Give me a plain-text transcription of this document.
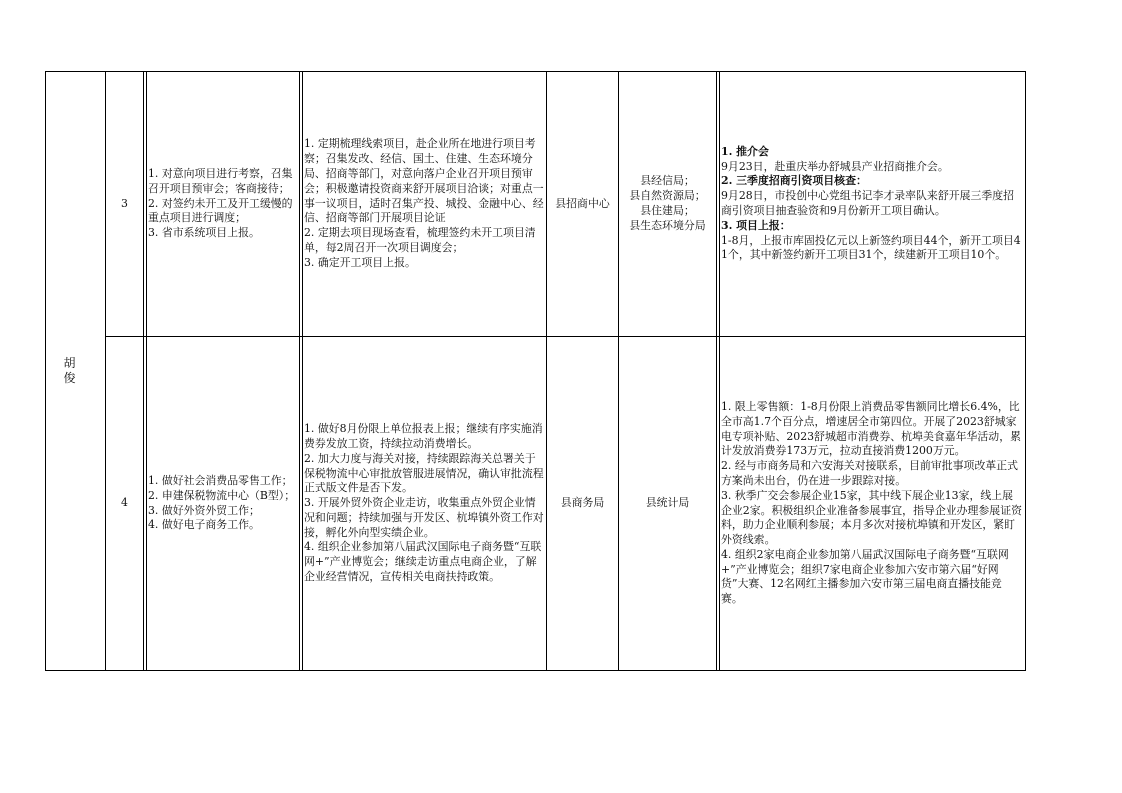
胡 俊
3
1. 对意向项目进行考察，召集召开项目预审会；客商接待；
2. 对签约未开工及开工缓慢的重点项目进行调度；
3. 省市系统项目上报。
1. 定期梳理线索项目，赴企业所在地进行项目考察；召集发改、经信、国土、住建、生态环境分局、招商等部门，对意向落户企业召开项目预审会；积极邀请投资商来舒开展项目洽谈；对重点一事一议项目，适时召集产投、城投、金融中心、经信、招商等部门开展项目论证
2. 定期去项目现场查看，梳理签约未开工项目清单，每2周召开一次项目调度会；
3. 确定开工项目上报。
县招商中心
县经信局；
县自然资源局；
县住建局；
县生态环境分局
1. 推介会
9月23日，赴重庆举办舒城县产业招商推介会。
2. 三季度招商引资项目核查：
9月28日，市投创中心党组书记李才录率队来舒开展三季度招商引资项目抽查验资和9月份新开工项目确认。
3. 项目上报：
1-8月，上报市库固投亿元以上新签约项目44个，新开工项目41个，其中新签约新开工项目31个，续建新开工项目10个。
4
1. 做好社会消费品零售工作；
2. 申建保税物流中心（B型）；
3. 做好外资外贸工作；
4. 做好电子商务工作。
1. 做好8月份限上单位报表上报；继续有序实施消费券发放工资，持续拉动消费增长。
2. 加大力度与海关对接，持续跟踪海关总署关于保税物流中心审批放管服进展情况，确认审批流程正式版文件是否下发。
3. 开展外贸外资企业走访，收集重点外贸企业情况和问题；持续加强与开发区、杭埠镇外资工作对接，孵化外向型实绩企业。
4. 组织企业参加第八届武汉国际电子商务暨“互联网+”产业博览会；继续走访重点电商企业，了解企业经营情况，宣传相关电商扶持政策。
县商务局	县统计局
1. 限上零售额：1-8月份限上消费品零售额同比增长6.4%，比全市高1.7个百分点，增速居全市第四位。开展了2023舒城家电专项补贴、2023舒城超市消费券、杭埠美食嘉年华活动，累计发放消费券173万元，拉动直接消费1200万元。
2. 经与市商务局和六安海关对接联系，目前审批事项改革正式方案尚未出台，仍在进一步跟踪对接。
3. 秋季广交会参展企业15家，其中线下展企业13家，线上展企业2家。积极组织企业准备参展事宜，指导企业办理参展证资料，助力企业顺利参展；本月多次对接杭埠镇和开发区，紧盯外资线索。
4. 组织2家电商企业参加第八届武汉国际电子商务暨“互联网+”产业博览会；组织7家电商企业参加六安市第六届“好网货”大赛、12名网红主播参加六安市第三届电商直播技能竞赛。
